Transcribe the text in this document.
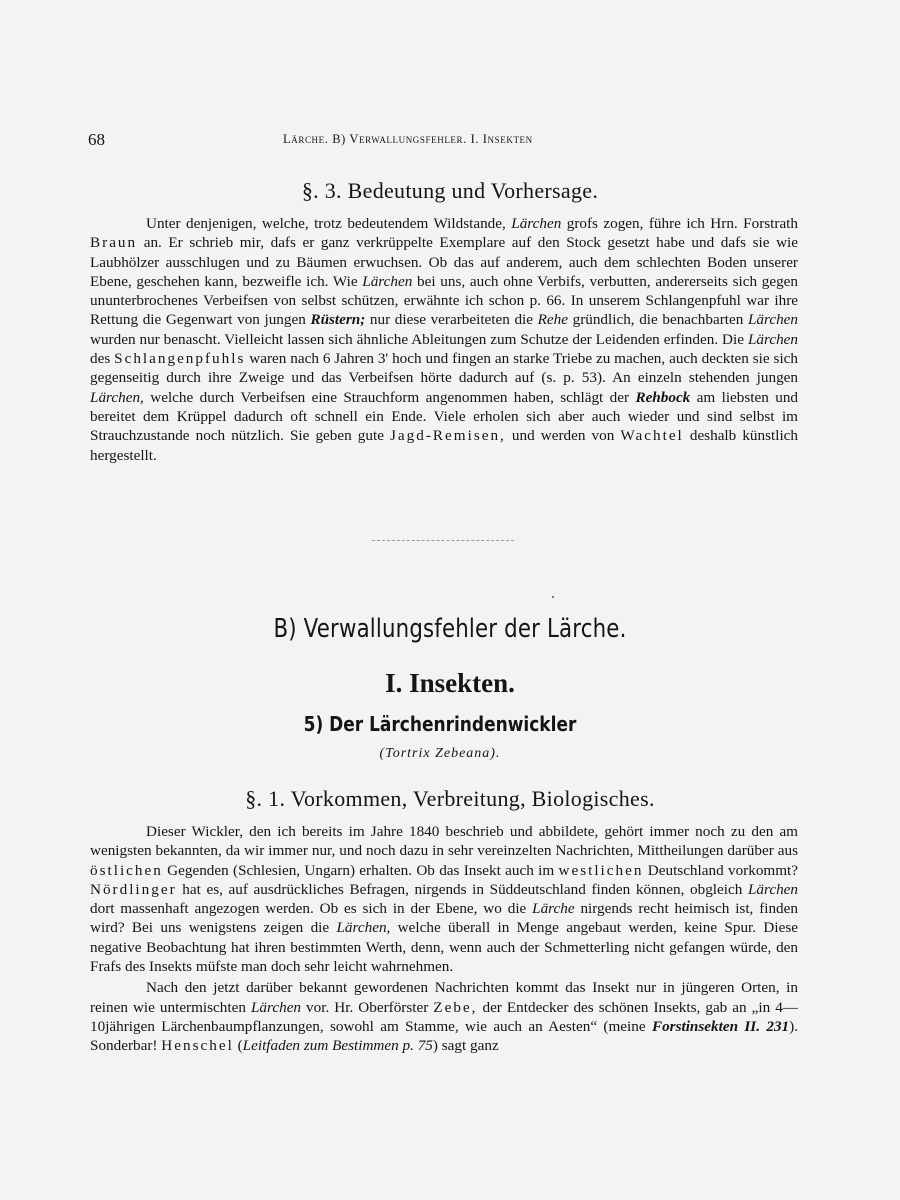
68	Lärche. B) Verwallungsfehler. I. Insekten
§. 3. Bedeutung und Vorhersage.

Unter denjenigen, welche, trotz bedeutendem Wildstande, Lärchen grofs zogen, führe ich Hrn. Forstrath Braun an. Er schrieb mir, dafs er ganz verkrüppelte Exemplare auf den Stock gesetzt habe und dafs sie wie Laubhölzer ausschlugen und zu Bäumen erwuchsen. Ob das auf anderem, auch dem schlechten Boden unserer Ebene, geschehen kann, bezweifle ich. Wie Lärchen bei uns, auch ohne Verbifs, verbutten, andererseits sich gegen ununterbrochenes Verbeifsen von selbst schützen, erwähnte ich schon p. 66. In unserem Schlangenpfuhl war ihre Rettung die Gegenwart von jungen Rüstern; nur diese verarbeiteten die Rehe gründlich, die benachbarten Lärchen wurden nur benascht. Vielleicht lassen sich ähnliche Ableitungen zum Schutze der Leidenden erfinden. Die Lärchen des Schlangenpfuhls waren nach 6 Jahren 3' hoch und fingen an starke Triebe zu machen, auch deckten sie sich gegenseitig durch ihre Zweige und das Verbeifsen hörte dadurch auf (s. p. 53). An einzeln stehenden jungen Lärchen, welche durch Verbeifsen eine Strauchform angenommen haben, schlägt der Rehbock am liebsten und bereitet dem Krüppel dadurch oft schnell ein Ende. Viele erholen sich aber auch wieder und sind selbst im Strauchzustande noch nützlich. Sie geben gute Jagd-Remisen, und werden von Wachtel deshalb künstlich hergestellt.

B) Verwallungsfehler der Lärche.
I. Insekten.
5) Der Lärchenrindenwickler
(Tortrix Zebeana).
§. 1. Vorkommen, Verbreitung, Biologisches.

Dieser Wickler, den ich bereits im Jahre 1840 beschrieb und abbildete, gehört immer noch zu den am wenigsten bekannten, da wir immer nur, und noch dazu in sehr vereinzelten Nachrichten, Mittheilungen darüber aus östlichen Gegenden (Schlesien, Ungarn) erhalten. Ob das Insekt auch im westlichen Deutschland vorkommt? Nördlinger hat es, auf ausdrückliches Befragen, nirgends in Süddeutschland finden können, obgleich Lärchen dort massenhaft angezogen werden. Ob es sich in der Ebene, wo die Lärche nirgends recht heimisch ist, finden wird? Bei uns wenigstens zeigen die Lärchen, welche überall in Menge angebaut werden, keine Spur. Diese negative Beobachtung hat ihren bestimmten Werth, denn, wenn auch der Schmetterling nicht gefangen würde, den Frafs des Insekts müfste man doch sehr leicht wahrnehmen.

Nach den jetzt darüber bekannt gewordenen Nachrichten kommt das Insekt nur in jüngeren Orten, in reinen wie untermischten Lärchen vor. Hr. Oberförster Zebe, der Entdecker des schönen Insekts, gab an „in 4—10jährigen Lärchenbaumpflanzungen, sowohl am Stamme, wie auch an Aesten“ (meine Forstinsekten II. 231). Sonderbar! Henschel (Leitfaden zum Bestimmen p. 75) sagt ganz
